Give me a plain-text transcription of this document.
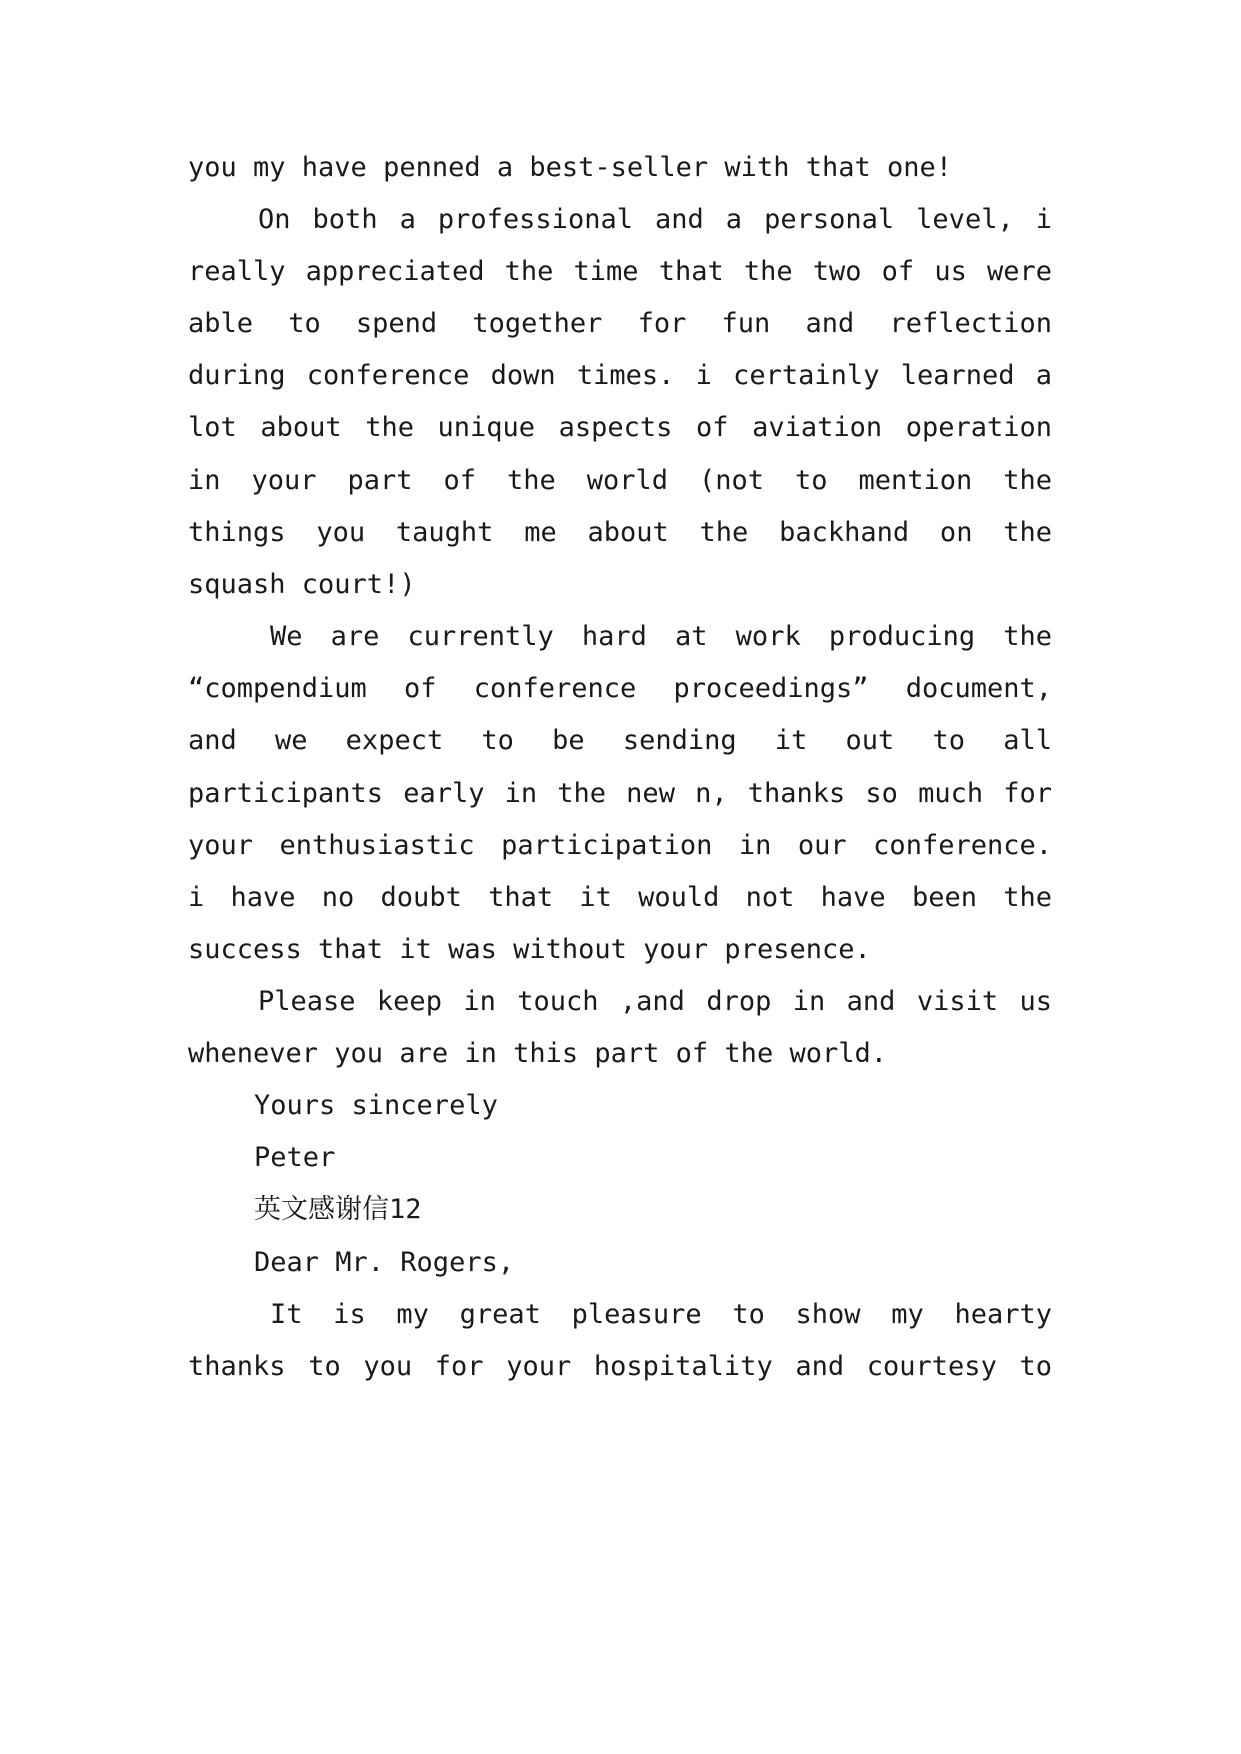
you my have penned a best-seller with that one!
On both a professional and a personal level, i
really appreciated the time that the two of us were
able to spend together for fun and reflection
during conference down times. i certainly learned a
lot about the unique aspects of aviation operation
in your part of the world (not to mention the
things you taught me about the backhand on the
squash court!)
We are currently hard at work producing the
“compendium of conference proceedings” document,
and we expect to be sending it out to all
participants early in the new n, thanks so much for
your enthusiastic participation in our conference.
i have no doubt that it would not have been the
success that it was without your presence.
Please keep in touch ,and drop in and visit us
whenever you are in this part of the world.
Yours sincerely
Peter
英文感谢信12
Dear Mr. Rogers,
It is my great pleasure to show my hearty
thanks to you for your hospitality and courtesy to
